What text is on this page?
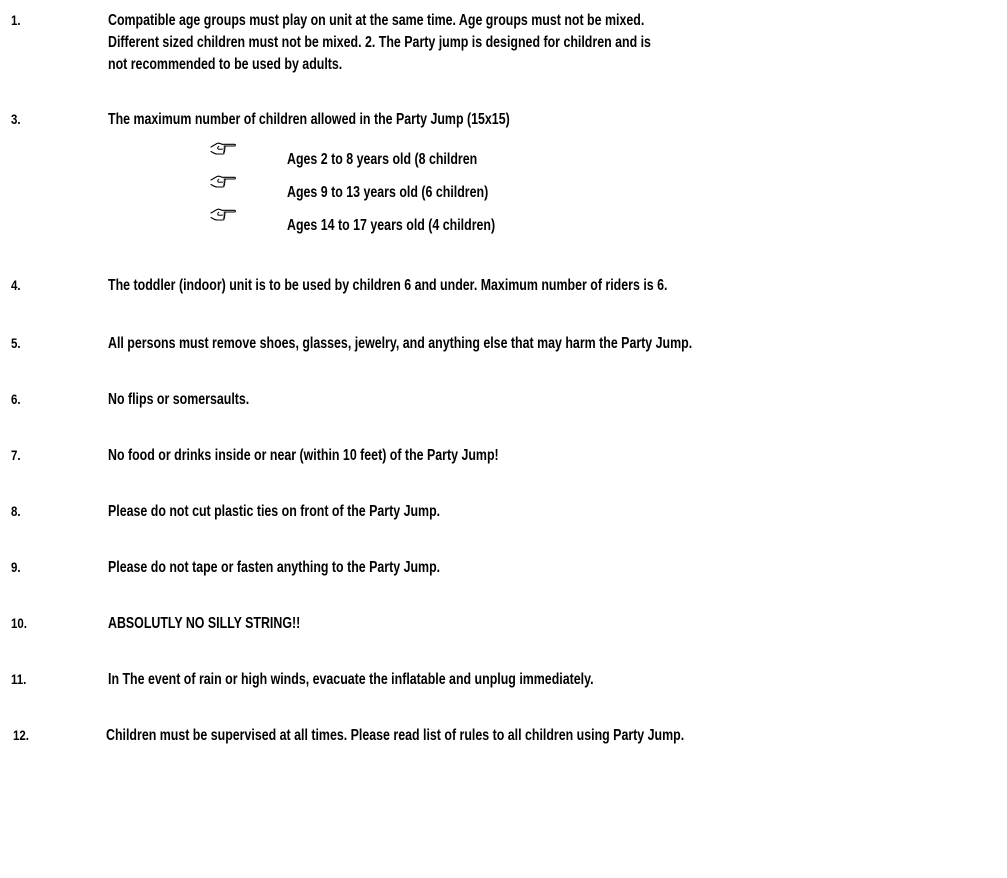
1.	Compatible age groups must play on unit at the same time. Age groups must not be mixed.
Different sized children must not be mixed. 2. The Party jump is designed for children and is
not recommended to be used by adults.
3.	The maximum number of children allowed in the Party Jump (15x15)
Ages 2 to 8 years old (8 children
Ages 9 to 13 years old (6 children)
Ages 14 to 17 years old (4 children)
4.	The toddler (indoor) unit is to be used by children 6 and under. Maximum number of riders is 6.
5.	All persons must remove shoes, glasses, jewelry, and anything else that may harm the Party Jump.
6.	No flips or somersaults.
7.	No food or drinks inside or near (within 10 feet) of the Party Jump!
8.	Please do not cut plastic ties on front of the Party Jump.
9.	Please do not tape or fasten anything to the Party Jump.
10.	ABSOLUTLY NO SILLY STRING!!
11.	In The event of rain or high winds, evacuate the inflatable and unplug immediately.
12.	Children must be supervised at all times. Please read list of rules to all children using Party Jump.
